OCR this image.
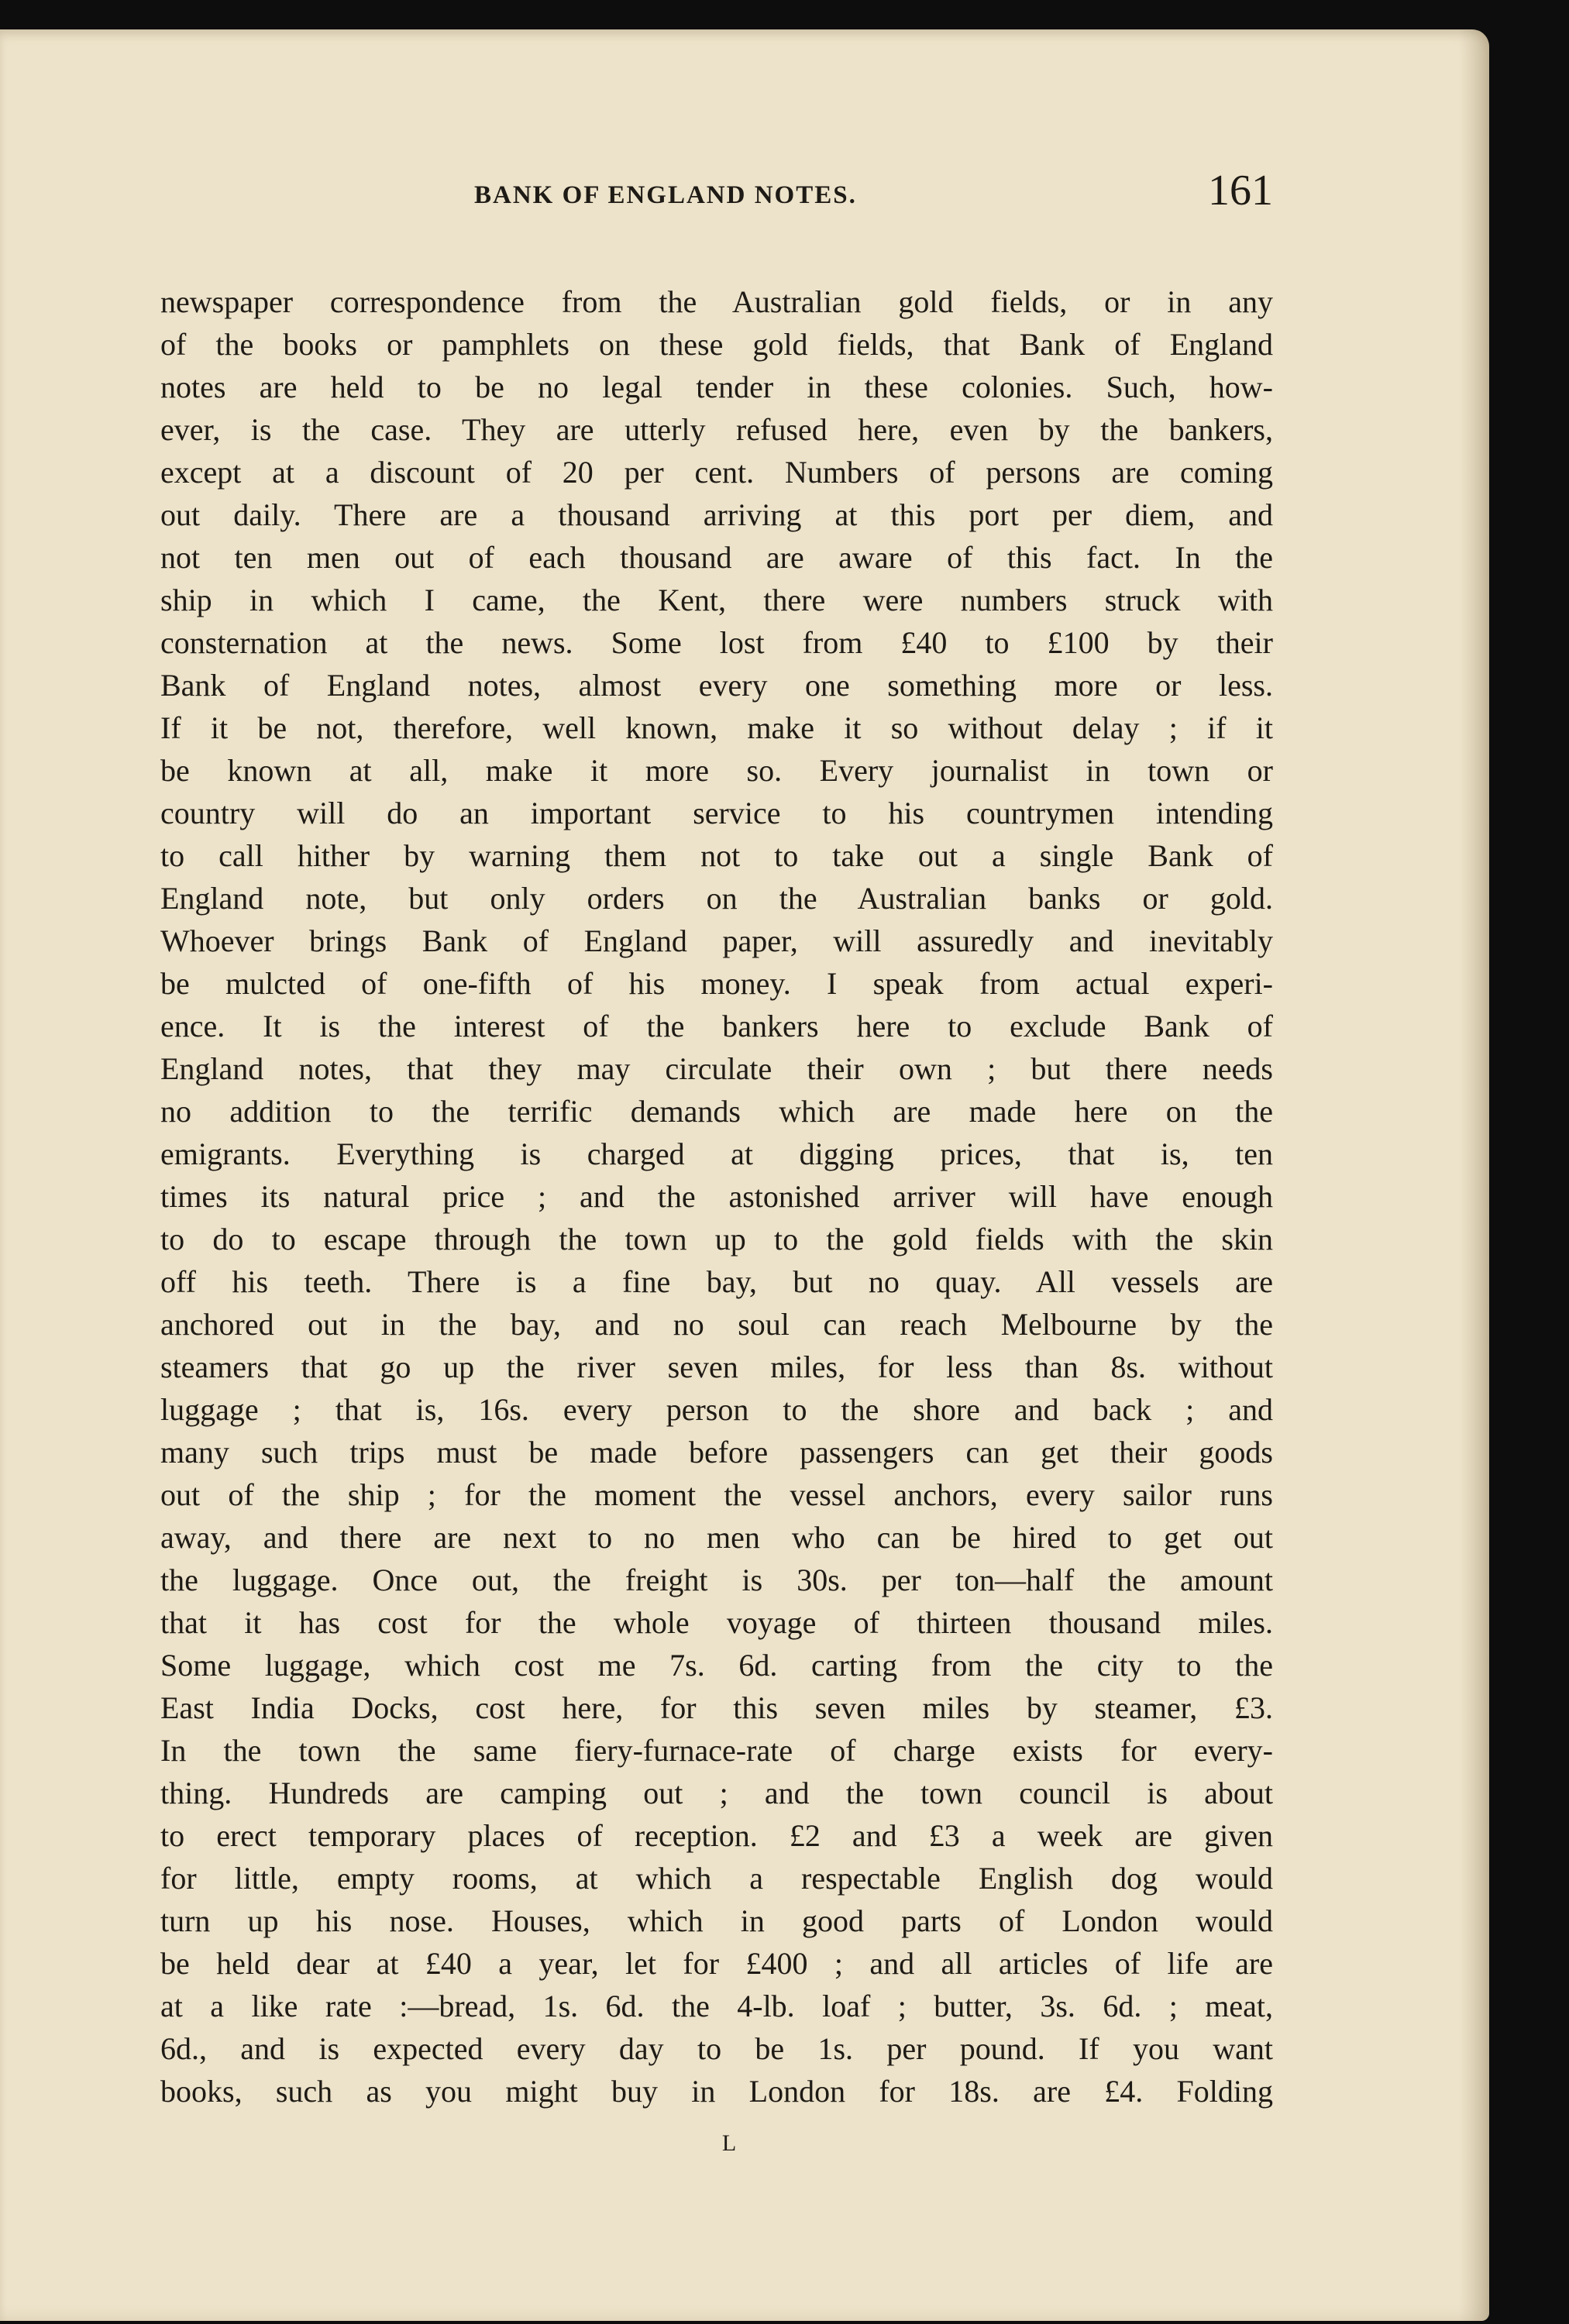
BANK OF ENGLAND NOTES.	161
newspaper correspondence from the Australian gold fields, or in any
of the books or pamphlets on these gold fields, that Bank of England
notes are held to be no legal tender in these colonies. Such, how-
ever, is the case. They are utterly refused here, even by the bankers,
except at a discount of 20 per cent. Numbers of persons are coming
out daily. There are a thousand arriving at this port per diem, and
not ten men out of each thousand are aware of this fact. In the
ship in which I came, the Kent, there were numbers struck with
consternation at the news. Some lost from £40 to £100 by their
Bank of England notes, almost every one something more or less.
If it be not, therefore, well known, make it so without delay ; if it
be known at all, make it more so. Every journalist in town or
country will do an important service to his countrymen intending
to call hither by warning them not to take out a single Bank of
England note, but only orders on the Australian banks or gold.
Whoever brings Bank of England paper, will assuredly and inevitably
be mulcted of one-fifth of his money. I speak from actual experi-
ence. It is the interest of the bankers here to exclude Bank of
England notes, that they may circulate their own ; but there needs
no addition to the terrific demands which are made here on the
emigrants. Everything is charged at digging prices, that is, ten
times its natural price ; and the astonished arriver will have enough
to do to escape through the town up to the gold fields with the skin
off his teeth. There is a fine bay, but no quay. All vessels are
anchored out in the bay, and no soul can reach Melbourne by the
steamers that go up the river seven miles, for less than 8s. without
luggage ; that is, 16s. every person to the shore and back ; and
many such trips must be made before passengers can get their goods
out of the ship ; for the moment the vessel anchors, every sailor runs
away, and there are next to no men who can be hired to get out
the luggage. Once out, the freight is 30s. per ton—half the amount
that it has cost for the whole voyage of thirteen thousand miles.
Some luggage, which cost me 7s. 6d. carting from the city to the
East India Docks, cost here, for this seven miles by steamer, £3.
In the town the same fiery-furnace-rate of charge exists for every-
thing. Hundreds are camping out ; and the town council is about
to erect temporary places of reception. £2 and £3 a week are given
for little, empty rooms, at which a respectable English dog would
turn up his nose. Houses, which in good parts of London would
be held dear at £40 a year, let for £400 ; and all articles of life are
at a like rate :—bread, 1s. 6d. the 4-lb. loaf ; butter, 3s. 6d. ; meat,
6d., and is expected every day to be 1s. per pound. If you want
books, such as you might buy in London for 18s. are £4. Folding
L
